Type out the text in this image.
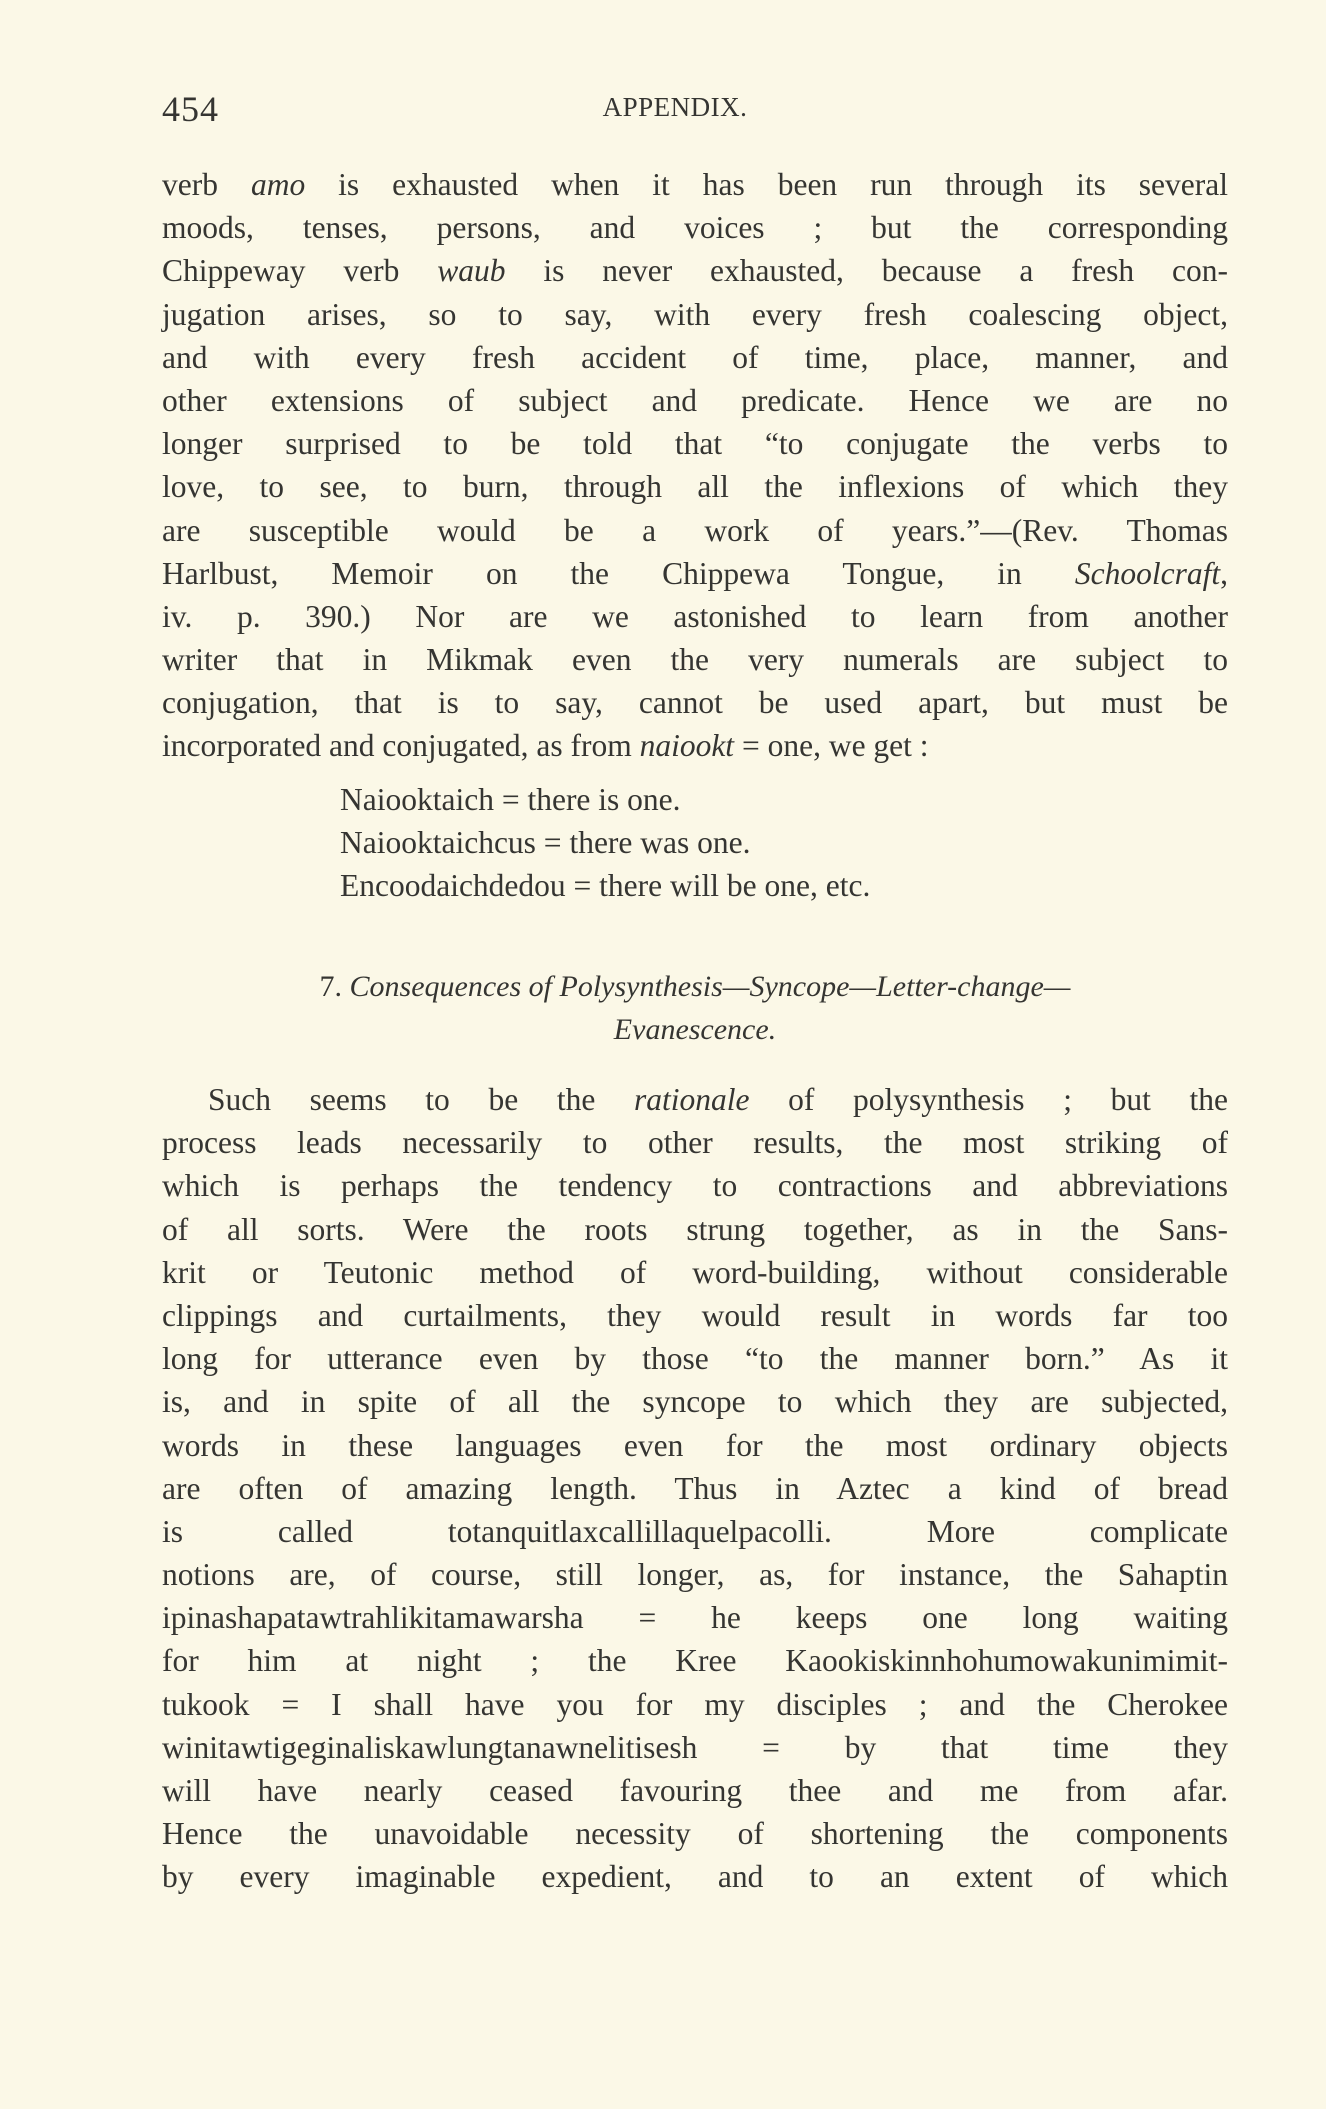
454	APPENDIX.
verb amo is exhausted when it has been run through its several
moods, tenses, persons, and voices ; but the corresponding
Chippeway verb waub is never exhausted, because a fresh con-
jugation arises, so to say, with every fresh coalescing object,
and with every fresh accident of time, place, manner, and
other extensions of subject and predicate. Hence we are no
longer surprised to be told that “to conjugate the verbs to
love, to see, to burn, through all the inflexions of which they
are susceptible would be a work of years.”—(Rev. Thomas
Harlbust, Memoir on the Chippewa Tongue, in Schoolcraft,
iv. p. 390.) Nor are we astonished to learn from another
writer that in Mikmak even the very numerals are subject to
conjugation, that is to say, cannot be used apart, but must be
incorporated and conjugated, as from naiookt = one, we get :
Naiooktaich = there is one.
Naiooktaichcus = there was one.
Encoodaichdedou = there will be one, etc.
7. Consequences of Polysynthesis—Syncope—Letter-change—
Evanescence.
Such seems to be the rationale of polysynthesis ; but the
process leads necessarily to other results, the most striking of
which is perhaps the tendency to contractions and abbreviations
of all sorts. Were the roots strung together, as in the Sans-
krit or Teutonic method of word-building, without considerable
clippings and curtailments, they would result in words far too
long for utterance even by those “to the manner born.” As it
is, and in spite of all the syncope to which they are subjected,
words in these languages even for the most ordinary objects
are often of amazing length. Thus in Aztec a kind of bread
is called totanquitlaxcallillaquelpacolli. More complicate
notions are, of course, still longer, as, for instance, the Sahaptin
ipinashapatawtrahlikitamawarsha = he keeps one long waiting
for him at night ; the Kree Kaookiskinnhohumowakunimimit-
tukook = I shall have you for my disciples ; and the Cherokee
winitawtigeginaliskawlungtanawnelitisesh = by that time they
will have nearly ceased favouring thee and me from afar.
Hence the unavoidable necessity of shortening the components
by every imaginable expedient, and to an extent of which
